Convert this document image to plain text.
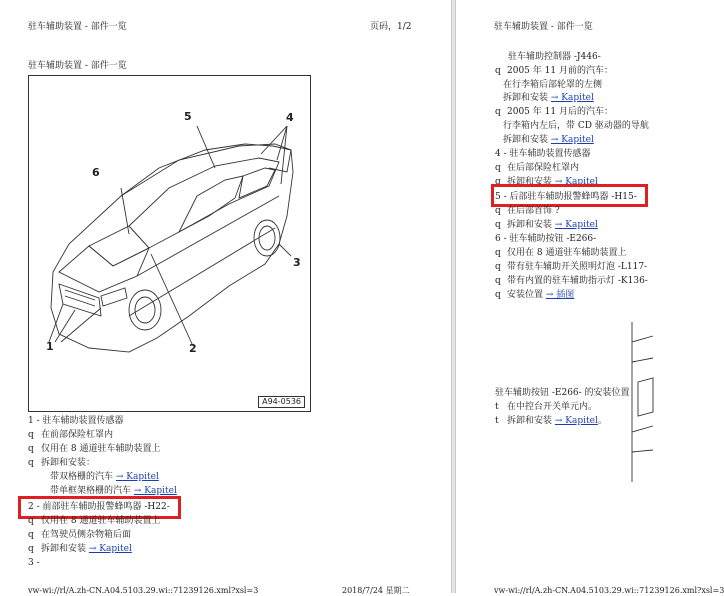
驻车辅助装置 - 部件一览	页码，1/2
驻车辅助装置 - 部件一览
1	2
3
4
5
6
A94-0536
1 - 驻车辅助装置传感器
q 在前部保险杠罩内
q 仅用在 8 通道驻车辅助装置上
q 拆卸和安装：
带双格栅的汽车 → Kapitel
带单框架格栅的汽车 → Kapitel
2 - 前部驻车辅助报警蜂鸣器 -H22-
q 仅用在 8 通道驻车辅助装置上
q 在驾驶员侧杂物箱后面
q 拆卸和安装 → Kapitel
3 -
vw-wi://rl/A.zh-CN.A04.5103.29.wi::71239126.xml?xsl=3	2018/7/24 星期二
驻车辅助装置 - 部件一览
驻车辅助控制器 -J446-
q 2005 年 11 月前的汽车：
在行李箱后部轮罩的左侧
拆卸和安装 → Kapitel
q 2005 年 11 月后的汽车：
行李箱内左后，带 CD 驱动器的导航
拆卸和安装 → Kapitel
4 - 驻车辅助装置传感器
q 在后部保险杠罩内
q 拆卸和安装 → Kapitel
5 - 后部驻车辅助报警蜂鸣器 -H15-
q 在后部首饰 ?
q 拆卸和安装 → Kapitel
6 - 驻车辅助按钮 -E266-
q 仅用在 8 通道驻车辅助装置上
q 带有驻车辅助开关照明灯泡 -L117-
q 带有内置的驻车辅助指示灯 -K136-
q 安装位置 → 插图
驻车辅助按钮 -E266- 的安装位置
t 在中控台开关单元内。
t 拆卸和安装 → Kapitel。
vw-wi://rl/A.zh-CN.A04.5103.29.wi::71239126.xml?xsl=3
